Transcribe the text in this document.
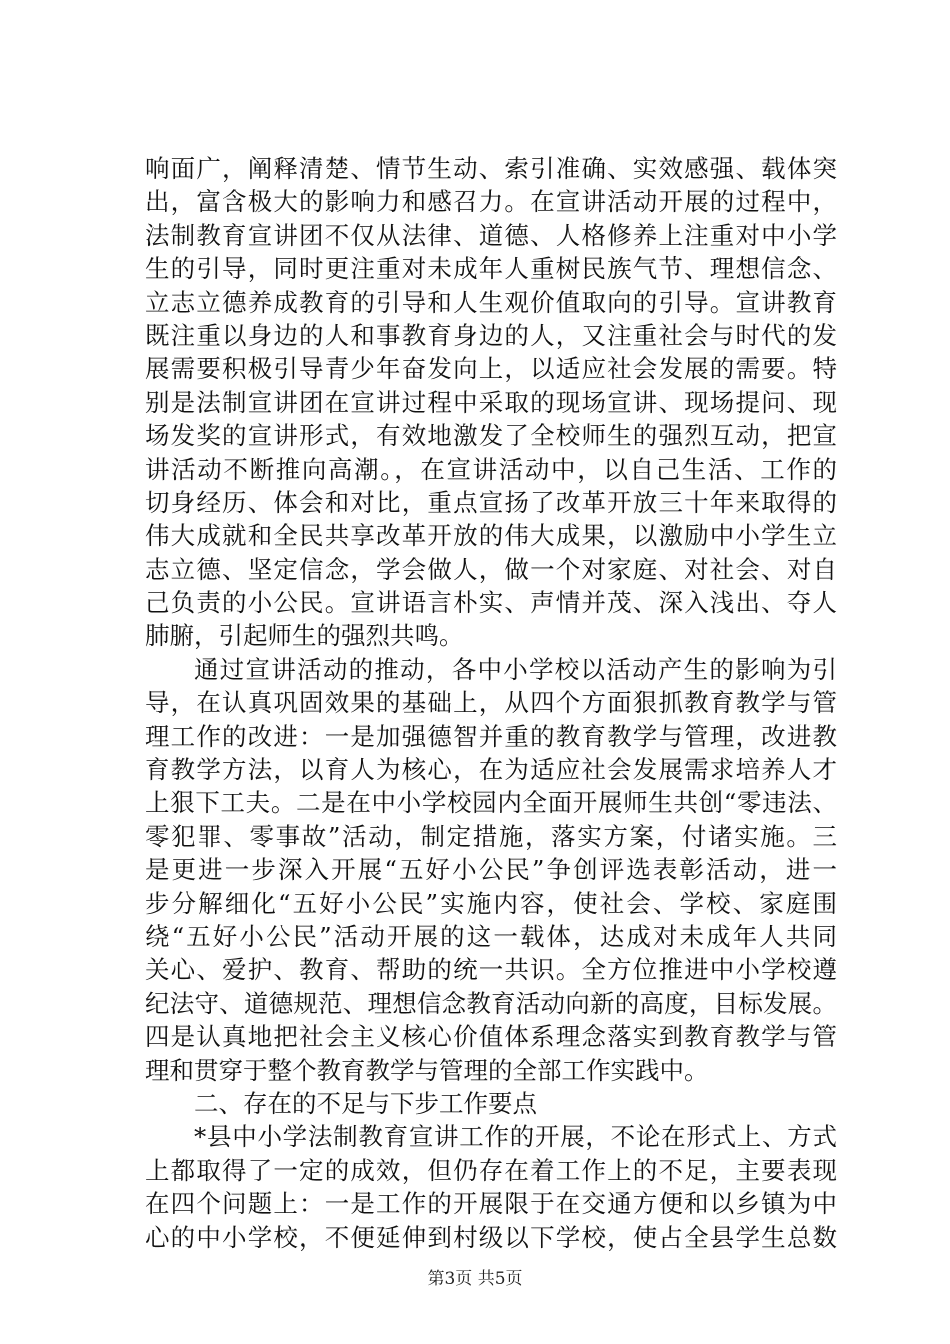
响面广，阐释清楚、情节生动、索引准确、实效感强、载体突
出，富含极大的影响力和感召力。在宣讲活动开展的过程中，
法制教育宣讲团不仅从法律、道德、人格修养上注重对中小学
生的引导，同时更注重对未成年人重树民族气节、理想信念、
立志立德养成教育的引导和人生观价值取向的引导。宣讲教育
既注重以身边的人和事教育身边的人，又注重社会与时代的发
展需要积极引导青少年奋发向上，以适应社会发展的需要。特
别是法制宣讲团在宣讲过程中采取的现场宣讲、现场提问、现
场发奖的宣讲形式，有效地激发了全校师生的强烈互动，把宣
讲活动不断推向高潮。，在宣讲活动中，以自己生活、工作的
切身经历、体会和对比，重点宣扬了改革开放三十年来取得的
伟大成就和全民共享改革开放的伟大成果，以激励中小学生立
志立德、坚定信念，学会做人，做一个对家庭、对社会、对自
己负责的小公民。宣讲语言朴实、声情并茂、深入浅出、夺人
肺腑，引起师生的强烈共鸣。
通过宣讲活动的推动，各中小学校以活动产生的影响为引
导，在认真巩固效果的基础上，从四个方面狠抓教育教学与管
理工作的改进：一是加强德智并重的教育教学与管理，改进教
育教学方法，以育人为核心，在为适应社会发展需求培养人才
上狠下工夫。二是在中小学校园内全面开展师生共创“零违法、
零犯罪、零事故”活动，制定措施，落实方案，付诸实施。三
是更进一步深入开展“五好小公民”争创评选表彰活动，进一
步分解细化“五好小公民”实施内容，使社会、学校、家庭围
绕“五好小公民”活动开展的这一载体，达成对未成年人共同
关心、爱护、教育、帮助的统一共识。全方位推进中小学校遵
纪法守、道德规范、理想信念教育活动向新的高度，目标发展。
四是认真地把社会主义核心价值体系理念落实到教育教学与管
理和贯穿于整个教育教学与管理的全部工作实践中。
二、存在的不足与下步工作要点
*县中小学法制教育宣讲工作的开展，不论在形式上、方式
上都取得了一定的成效，但仍存在着工作上的不足，主要表现
在四个问题上：一是工作的开展限于在交通方便和以乡镇为中
心的中小学校，不便延伸到村级以下学校，使占全县学生总数
第3页 共5页
